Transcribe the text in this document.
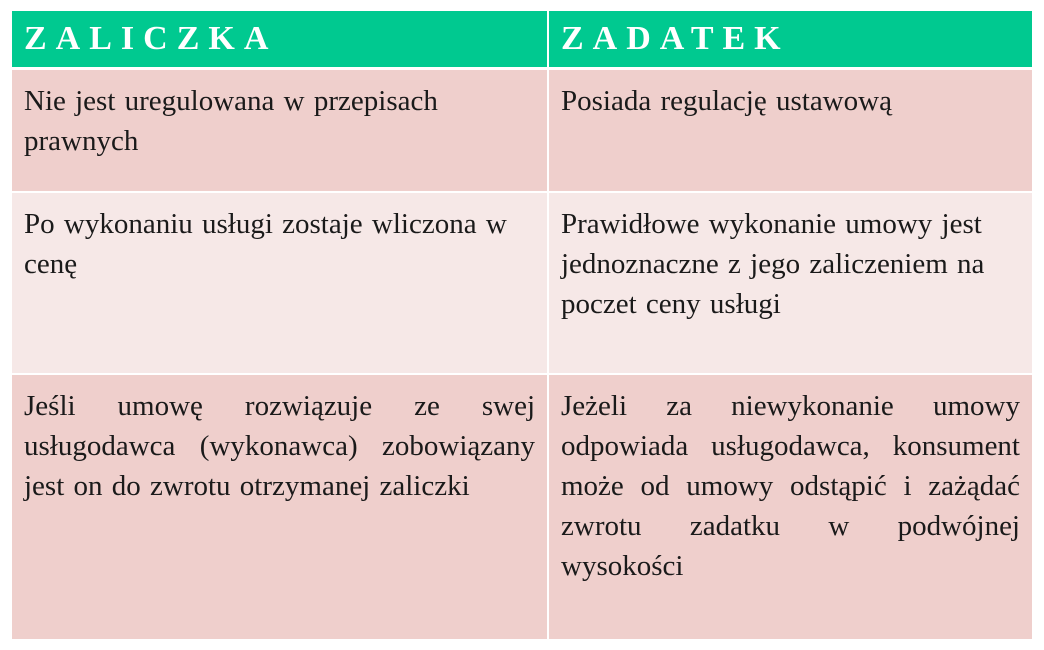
ZALICZKA	ZADATEK
Nie jest uregulowana w przepisach prawnych	Posiada regulację ustawową
Po wykonaniu usługi zostaje wliczona w cenę	Prawidłowe wykonanie umowy jest jednoznaczne z jego zaliczeniem na poczet ceny usługi
Jeśli umowę rozwiązuje ze swej usługodawca (wykonawca) zobowiązany jest on do zwrotu otrzymanej zaliczki	Jeżeli za niewykonanie umowy odpowiada usługodawca, konsument może od umowy odstąpić i zażądać zwrotu zadatku w podwójnej wysokości
